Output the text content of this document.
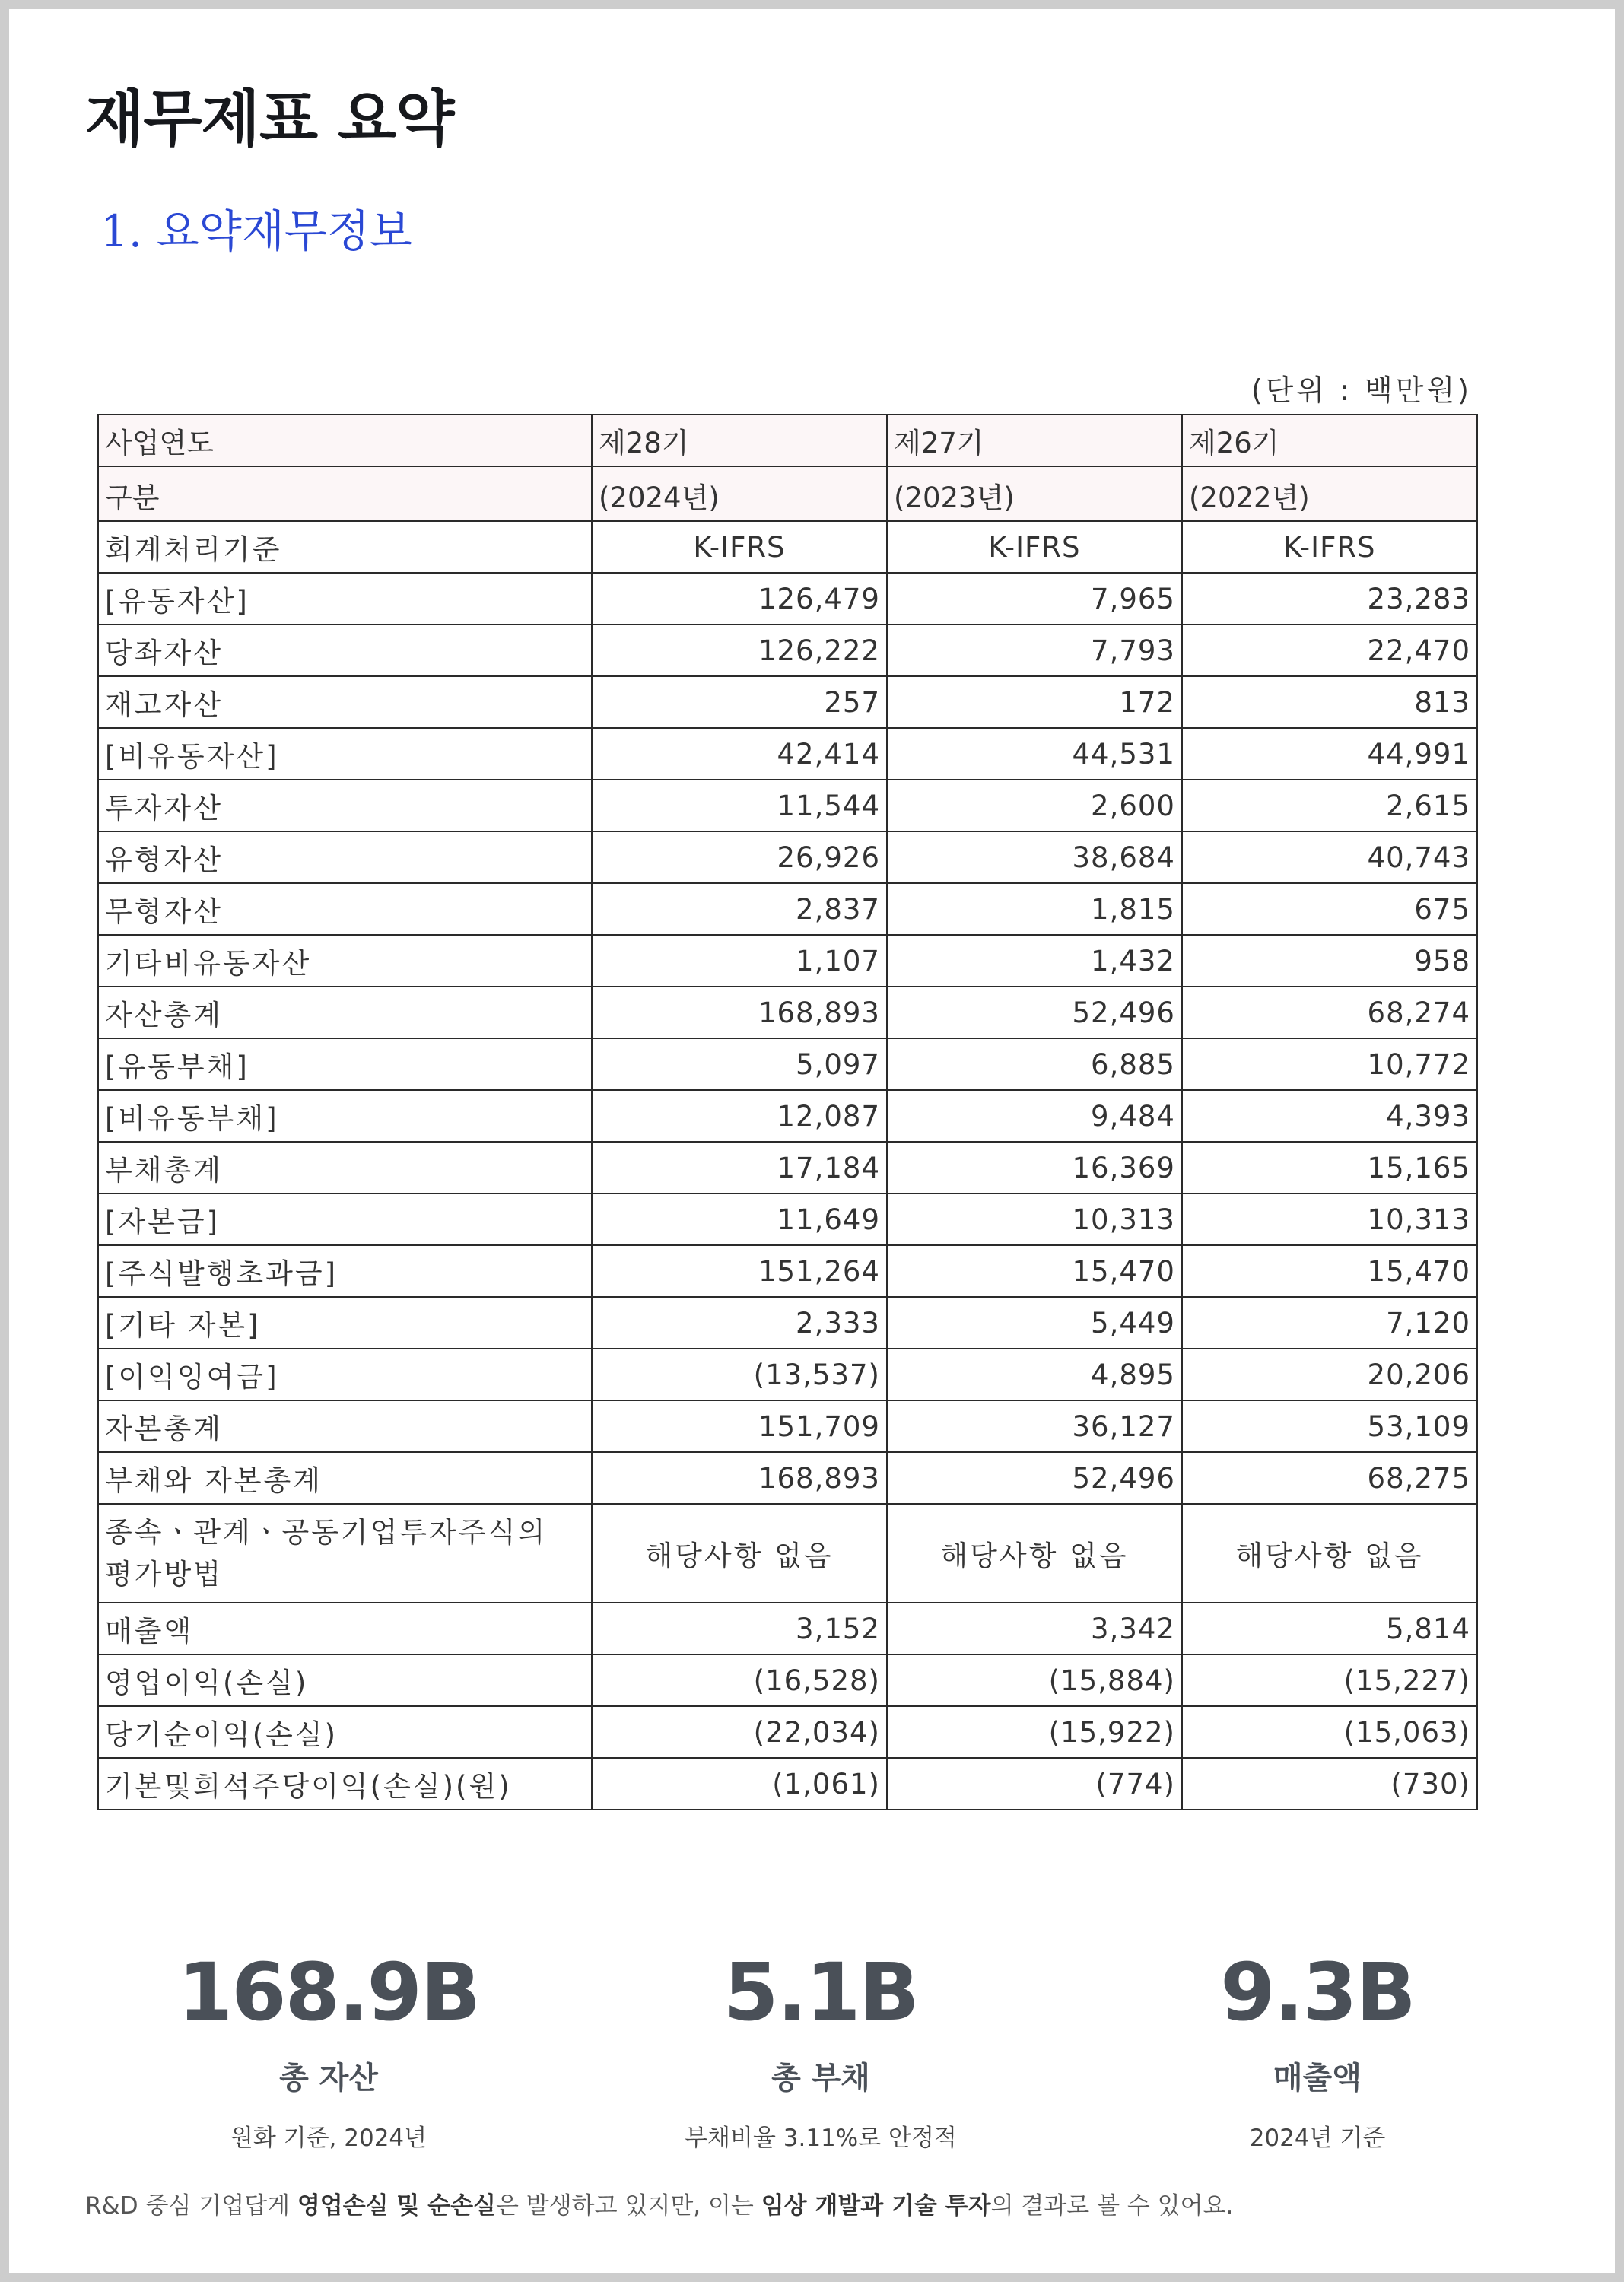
재무제표 요약
1. 요약재무정보
(단위 : 백만원)
사업연도	제28기	제27기	제26기
구분	(2024년)	(2023년)	(2022년)
회계처리기준	K-IFRS	K-IFRS	K-IFRS
[유동자산]	126,479	7,965	23,283
당좌자산	126,222	7,793	22,470
재고자산	257	172	813
[비유동자산]	42,414	44,531	44,991
투자자산	11,544	2,600	2,615
유형자산	26,926	38,684	40,743
무형자산	2,837	1,815	675
기타비유동자산	1,107	1,432	958
자산총계	168,893	52,496	68,274
[유동부채]	5,097	6,885	10,772
[비유동부채]	12,087	9,484	4,393
부채총계	17,184	16,369	15,165
[자본금]	11,649	10,313	10,313
[주식발행초과금]	151,264	15,470	15,470
[기타 자본]	2,333	5,449	7,120
[이익잉여금]	(13,537)	4,895	20,206
자본총계	151,709	36,127	53,109
부채와 자본총계	168,893	52,496	68,275
종속ㆍ관계ㆍ공동기업투자주식의 평가방법	해당사항 없음	해당사항 없음	해당사항 없음
매출액	3,152	3,342	5,814
영업이익(손실)	(16,528)	(15,884)	(15,227)
당기순이익(손실)	(22,034)	(15,922)	(15,063)
기본및희석주당이익(손실)(원)	(1,061)	(774)	(730)
168.9B
총 자산
원화 기준, 2024년
5.1B
총 부채
부채비율 3.11%로 안정적
9.3B
매출액
2024년 기준

R&D 중심 기업답게 영업손실 및 순손실은 발생하고 있지만, 이는 임상 개발과 기술 투자의 결과로 볼 수 있어요.
